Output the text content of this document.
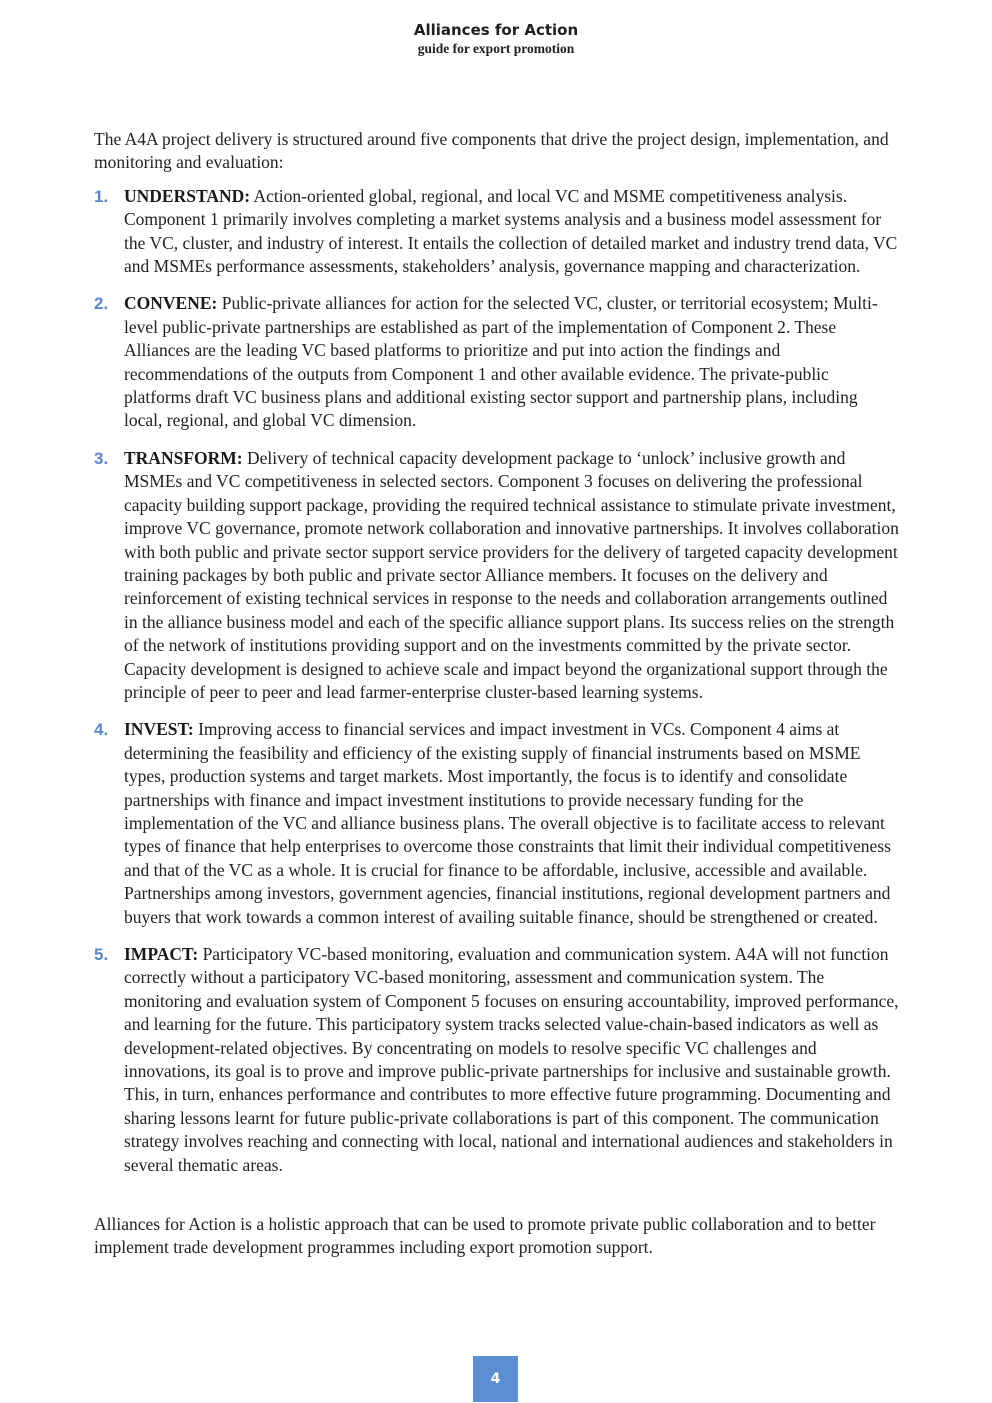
Alliances for Action
guide for export promotion

The A4A project delivery is structured around five components that drive the project design, implementation, and monitoring and evaluation:

1. UNDERSTAND: Action-oriented global, regional, and local VC and MSME competitiveness analysis. Component 1 primarily involves completing a market systems analysis and a business model assessment for the VC, cluster, and industry of interest. It entails the collection of detailed market and industry trend data, VC and MSMEs performance assessments, stakeholders’ analysis, governance mapping and characterization.
2. CONVENE: Public-private alliances for action for the selected VC, cluster, or territorial ecosystem; Multi-level public-private partnerships are established as part of the implementation of Component 2. These Alliances are the leading VC based platforms to prioritize and put into action the findings and recommendations of the outputs from Component 1 and other available evidence. The private-public platforms draft VC business plans and additional existing sector support and partnership plans, including local, regional, and global VC dimension.
3. TRANSFORM: Delivery of technical capacity development package to ‘unlock’ inclusive growth and MSMEs and VC competitiveness in selected sectors. Component 3 focuses on delivering the professional capacity building support package, providing the required technical assistance to stimulate private investment, improve VC governance, promote network collaboration and innovative partnerships. It involves collaboration with both public and private sector support service providers for the delivery of targeted capacity development training packages by both public and private sector Alliance members. It focuses on the delivery and reinforcement of existing technical services in response to the needs and collaboration arrangements outlined in the alliance business model and each of the specific alliance support plans. Its success relies on the strength of the network of institutions providing support and on the investments committed by the private sector. Capacity development is designed to achieve scale and impact beyond the organizational support through the principle of peer to peer and lead farmer-enterprise cluster-based learning systems.
4. INVEST: Improving access to financial services and impact investment in VCs. Component 4 aims at determining the feasibility and efficiency of the existing supply of financial instruments based on MSME types, production systems and target markets. Most importantly, the focus is to identify and consolidate partnerships with finance and impact investment institutions to provide necessary funding for the implementation of the VC and alliance business plans. The overall objective is to facilitate access to relevant types of finance that help enterprises to overcome those constraints that limit their individual competitiveness and that of the VC as a whole. It is crucial for finance to be affordable, inclusive, accessible and available. Partnerships among investors, government agencies, financial institutions, regional development partners and buyers that work towards a common interest of availing suitable finance, should be strengthened or created.
5. IMPACT: Participatory VC-based monitoring, evaluation and communication system. A4A will not function correctly without a participatory VC-based monitoring, assessment and communication system. The monitoring and evaluation system of Component 5 focuses on ensuring accountability, improved performance, and learning for the future. This participatory system tracks selected value-chain-based indicators as well as development-related objectives. By concentrating on models to resolve specific VC challenges and innovations, its goal is to prove and improve public-private partnerships for inclusive and sustainable growth. This, in turn, enhances performance and contributes to more effective future programming. Documenting and sharing lessons learnt for future public-private collaborations is part of this component. The communication strategy involves reaching and connecting with local, national and international audiences and stakeholders in several thematic areas.

Alliances for Action is a holistic approach that can be used to promote private public collaboration and to better implement trade development programmes including export promotion support.

4
